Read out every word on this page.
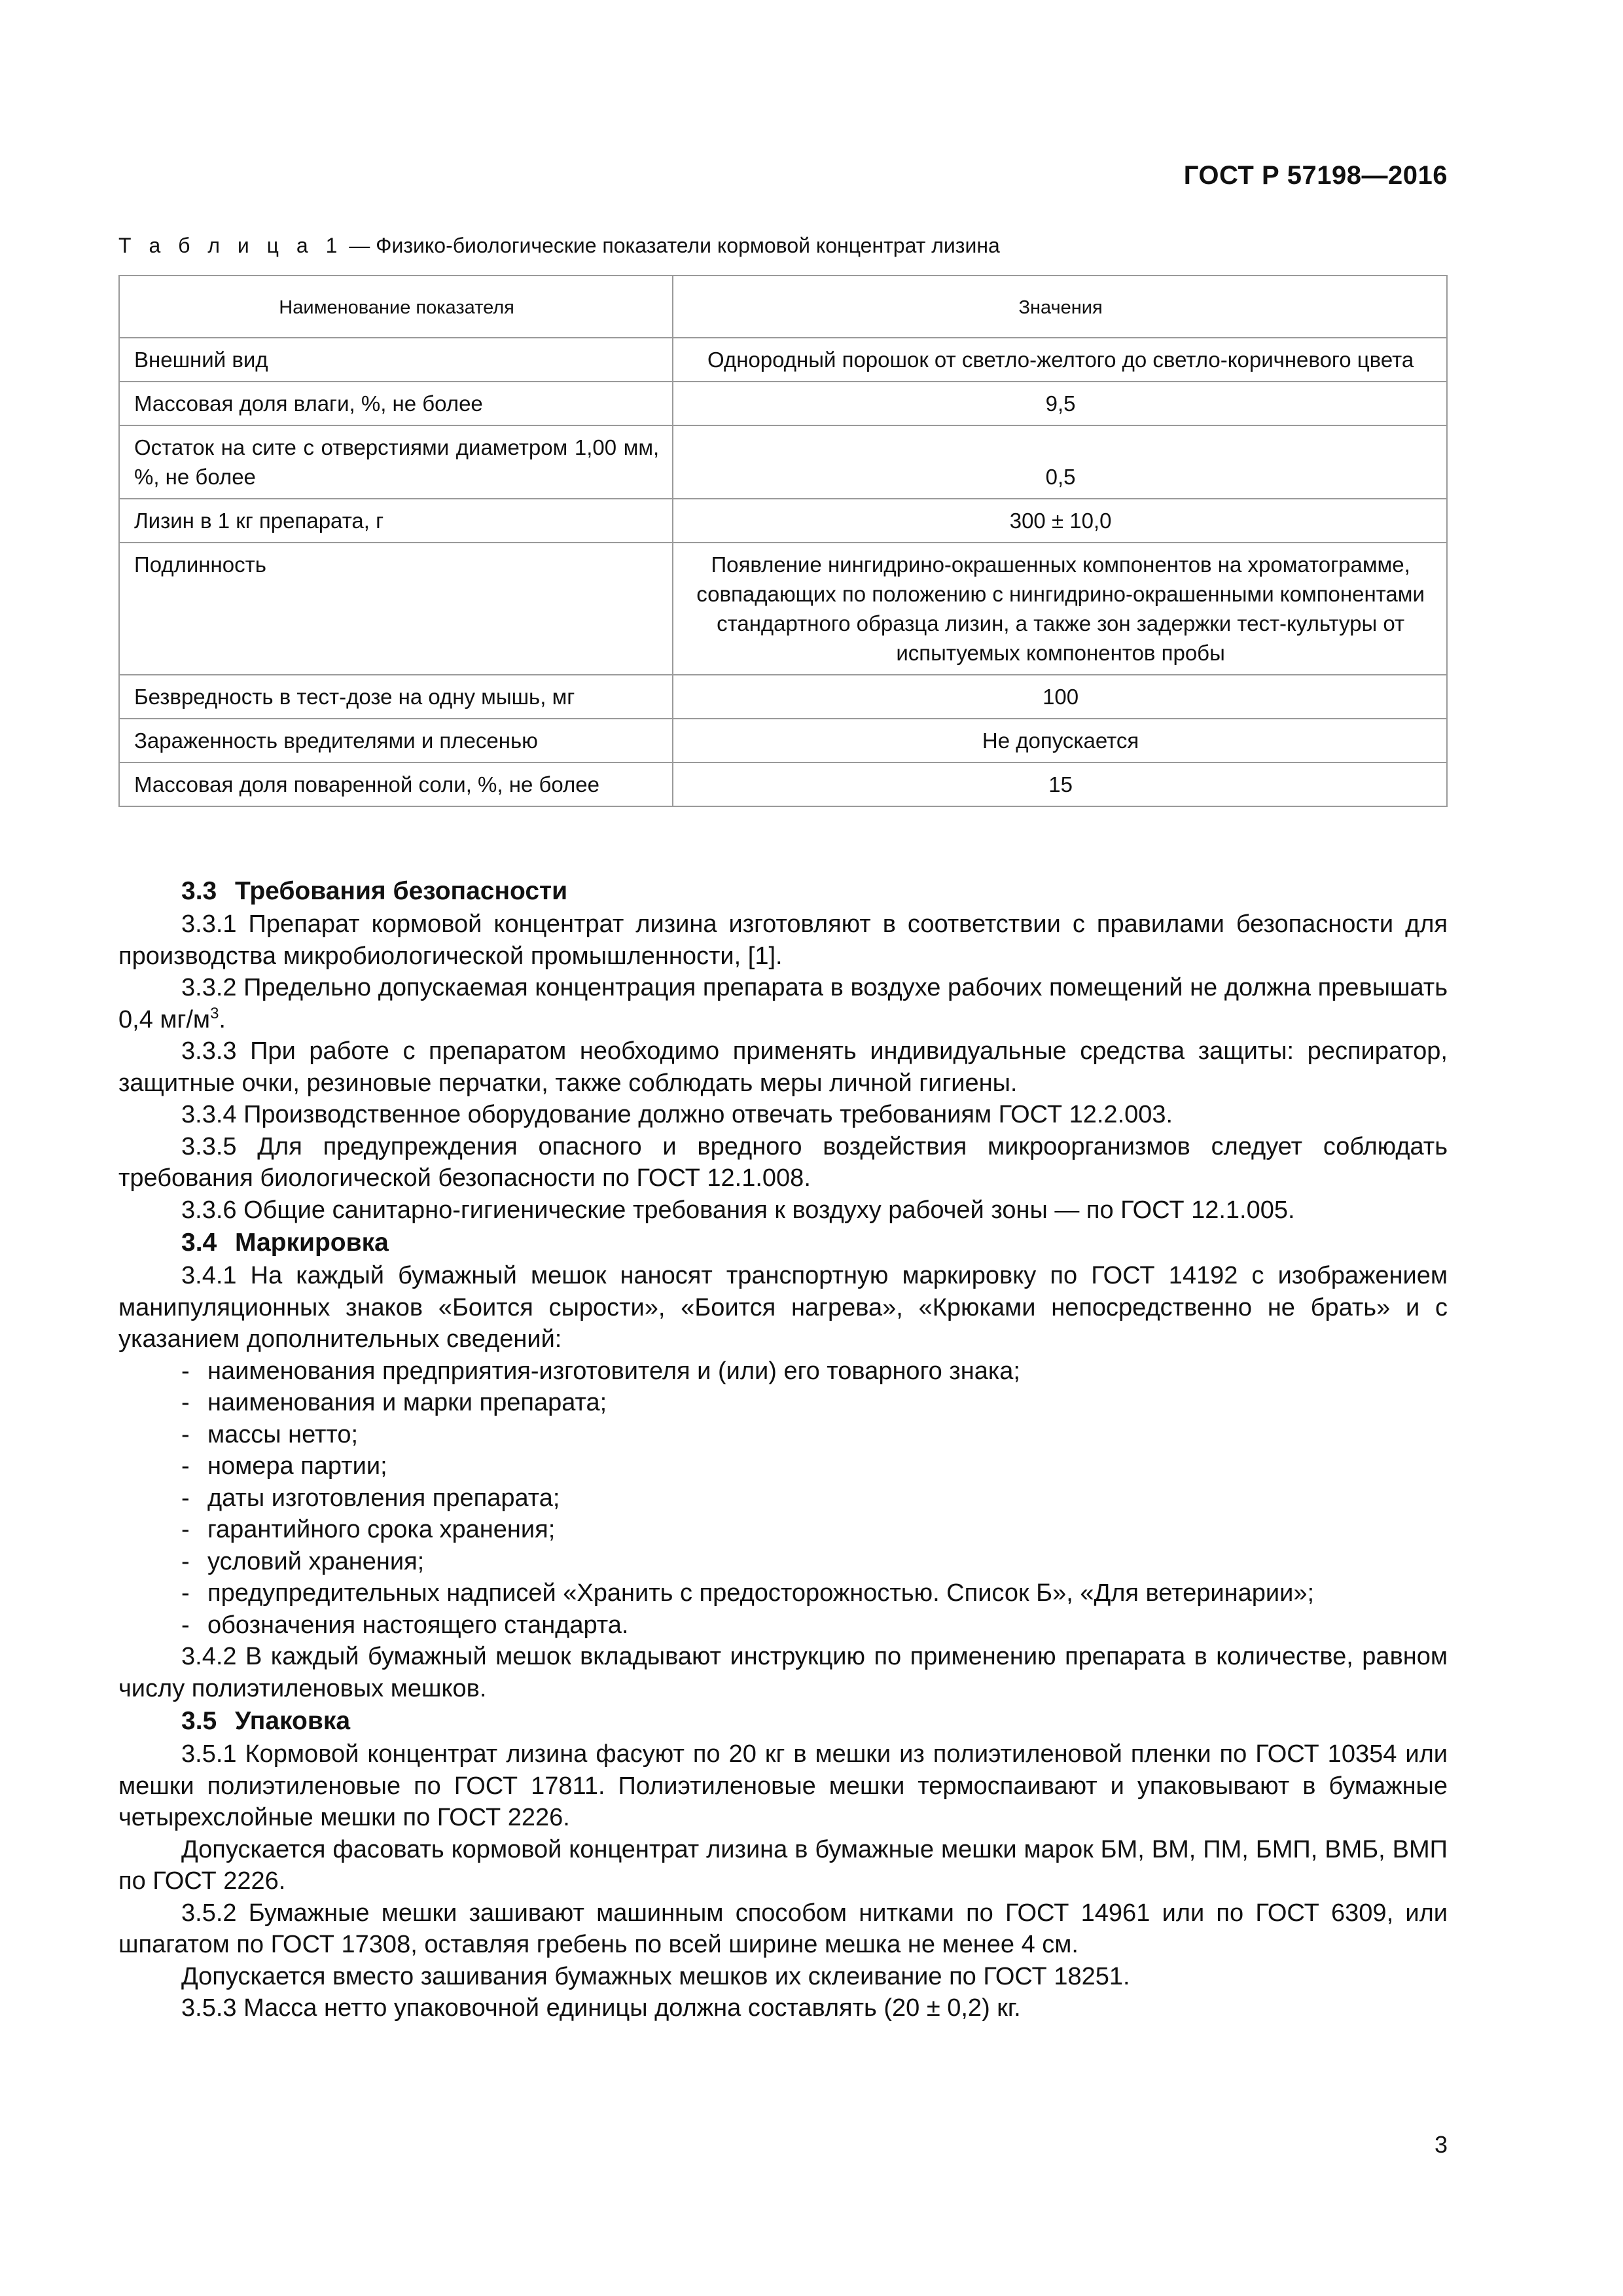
ГОСТ Р 57198—2016
Т а б л и ц а 1 — Физико-биологические показатели кормовой концентрат лизина
Наименование показателя	Значения
Внешний вид	Однородный порошок от светло-желтого до светло-коричневого цвета
Массовая доля влаги, %, не более	9,5
Остаток на сите с отверстиями диаметром 1,00 мм, %, не более	0,5
Лизин в 1 кг препарата, г	300 ± 10,0
Подлинность	Появление нингидрино-окрашенных компонентов на хроматограмме, совпадающих по положению с нингидрино-окрашенными компонентами стандартного образца лизин, а также зон задержки тест-культуры от испытуемых компонентов пробы
Безвредность в тест-дозе на одну мышь, мг	100
Зараженность вредителями и плесенью	Не допускается
Массовая доля поваренной соли, %, не более	15
3.3 Требования безопасности

3.3.1 Препарат кормовой концентрат лизина изготовляют в соответствии с правилами безопасности для производства микробиологической промышленности, [1].

3.3.2 Предельно допускаемая концентрация препарата в воздухе рабочих помещений не должна превышать 0,4 $мг/м^3$.

3.3.3 При работе с препаратом необходимо применять индивидуальные средства защиты: респиратор, защитные очки, резиновые перчатки, также соблюдать меры личной гигиены.

3.3.4 Производственное оборудование должно отвечать требованиям ГОСТ 12.2.003.

3.3.5 Для предупреждения опасного и вредного воздействия микроорганизмов следует соблюдать требования биологической безопасности по ГОСТ 12.1.008.

3.3.6 Общие санитарно-гигиенические требования к воздуху рабочей зоны — по ГОСТ 12.1.005.

3.4 Маркировка

3.4.1 На каждый бумажный мешок наносят транспортную маркировку по ГОСТ 14192 с изображением манипуляционных знаков «Боится сырости», «Боится нагрева», «Крюками непосредственно не брать» и с указанием дополнительных сведений:

- наименования предприятия-изготовителя и (или) его товарного знака;

- наименования и марки препарата;

- массы нетто;

- номера партии;

- даты изготовления препарата;

- гарантийного срока хранения;

- условий хранения;

- предупредительных надписей «Хранить с предосторожностью. Список Б», «Для ветеринарии»;

- обозначения настоящего стандарта.

3.4.2 В каждый бумажный мешок вкладывают инструкцию по применению препарата в количестве, равном числу полиэтиленовых мешков.

3.5 Упаковка

3.5.1 Кормовой концентрат лизина фасуют по 20 кг в мешки из полиэтиленовой пленки по ГОСТ 10354 или мешки полиэтиленовые по ГОСТ 17811. Полиэтиленовые мешки термоспаивают и упаковывают в бумажные четырехслойные мешки по ГОСТ 2226.

Допускается фасовать кормовой концентрат лизина в бумажные мешки марок БМ, ВМ, ПМ, БМП, ВМБ, ВМП по ГОСТ 2226.

3.5.2 Бумажные мешки зашивают машинным способом нитками по ГОСТ 14961 или по ГОСТ 6309, или шпагатом по ГОСТ 17308, оставляя гребень по всей ширине мешка не менее 4 см.

Допускается вместо зашивания бумажных мешков их склеивание по ГОСТ 18251.

3.5.3 Масса нетто упаковочной единицы должна составлять (20 ± 0,2) кг.

3
